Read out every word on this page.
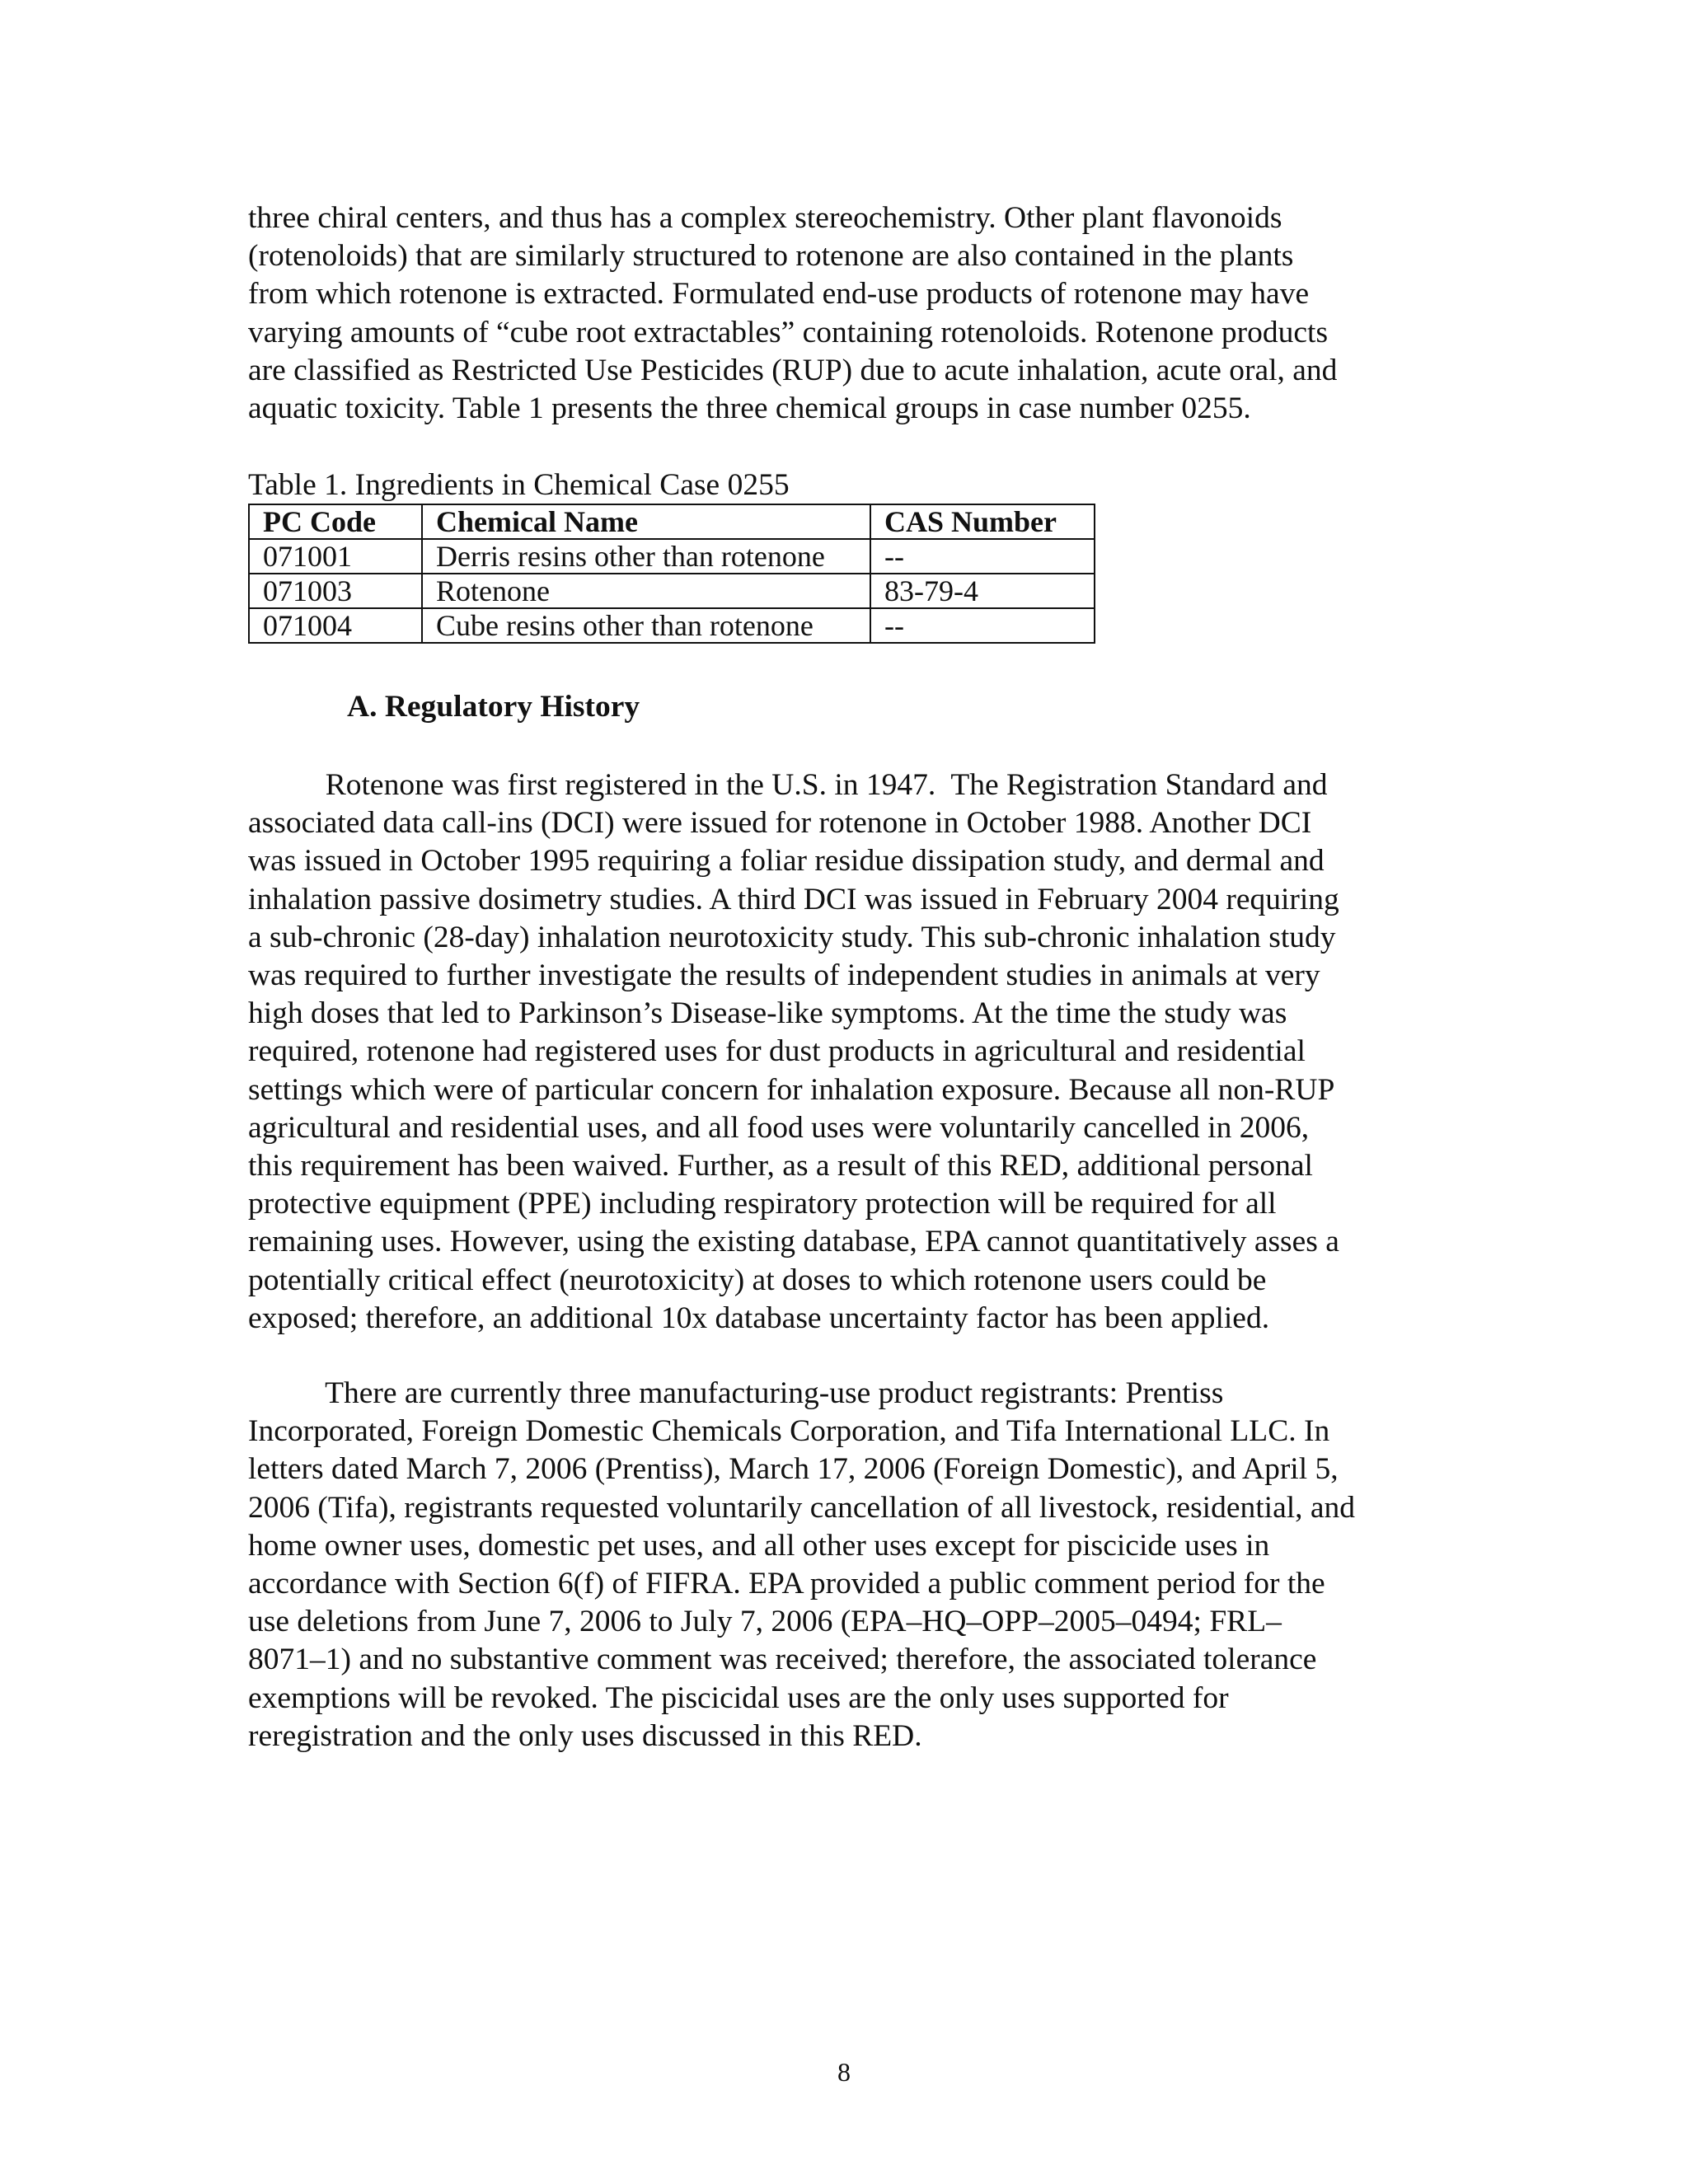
three chiral centers, and thus has a complex stereochemistry. Other plant flavonoids
(rotenoloids) that are similarly structured to rotenone are also contained in the plants
from which rotenone is extracted. Formulated end-use products of rotenone may have
varying amounts of “cube root extractables” containing rotenoloids. Rotenone products
are classified as Restricted Use Pesticides (RUP) due to acute inhalation, acute oral, and
aquatic toxicity. Table 1 presents the three chemical groups in case number 0255.
Table 1. Ingredients in Chemical Case 0255
PC Code	Chemical Name	CAS Number
071001	Derris resins other than rotenone	--
071003	Rotenone	83-79-4
071004	Cube resins other than rotenone	--
A. Regulatory History
Rotenone was first registered in the U.S. in 1947.  The Registration Standard and
associated data call-ins (DCI) were issued for rotenone in October 1988. Another DCI
was issued in October 1995 requiring a foliar residue dissipation study, and dermal and
inhalation passive dosimetry studies. A third DCI was issued in February 2004 requiring
a sub-chronic (28-day) inhalation neurotoxicity study. This sub-chronic inhalation study
was required to further investigate the results of independent studies in animals at very
high doses that led to Parkinson’s Disease-like symptoms. At the time the study was
required, rotenone had registered uses for dust products in agricultural and residential
settings which were of particular concern for inhalation exposure. Because all non-RUP
agricultural and residential uses, and all food uses were voluntarily cancelled in 2006,
this requirement has been waived. Further, as a result of this RED, additional personal
protective equipment (PPE) including respiratory protection will be required for all
remaining uses. However, using the existing database, EPA cannot quantitatively asses a
potentially critical effect (neurotoxicity) at doses to which rotenone users could be
exposed; therefore, an additional 10x database uncertainty factor has been applied.
There are currently three manufacturing-use product registrants: Prentiss
Incorporated, Foreign Domestic Chemicals Corporation, and Tifa International LLC. In
letters dated March 7, 2006 (Prentiss), March 17, 2006 (Foreign Domestic), and April 5,
2006 (Tifa), registrants requested voluntarily cancellation of all livestock, residential, and
home owner uses, domestic pet uses, and all other uses except for piscicide uses in
accordance with Section 6(f) of FIFRA. EPA provided a public comment period for the
use deletions from June 7, 2006 to July 7, 2006 (EPA–HQ–OPP–2005–0494; FRL–
8071–1) and no substantive comment was received; therefore, the associated tolerance
exemptions will be revoked. The piscicidal uses are the only uses supported for
reregistration and the only uses discussed in this RED.
8
